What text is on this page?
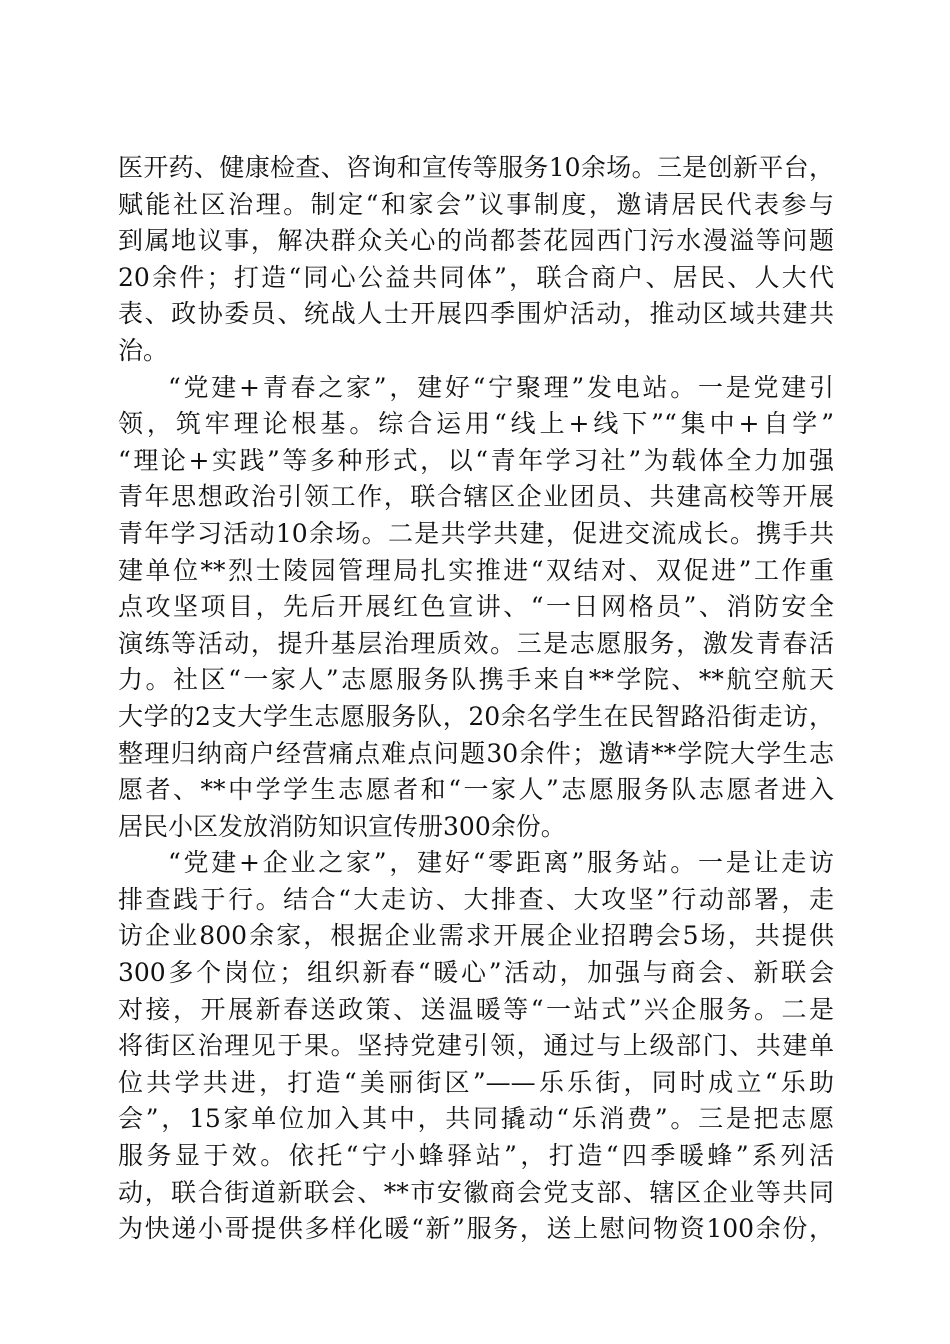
医开药、健康检查、咨询和宣传等服务10余场。三是创新平台，
赋能社区治理。制定“和家会”议事制度，邀请居民代表参与
到属地议事，解决群众关心的尚都荟花园西门污水漫溢等问题
20余件；打造“同心公益共同体”，联合商户、居民、人大代
表、政协委员、统战人士开展四季围炉活动，推动区域共建共
治。
“党建+青春之家”，建好“宁聚理”发电站。一是党建引
领，筑牢理论根基。综合运用“线上+线下”“集中+自学”
“理论+实践”等多种形式，以“青年学习社”为载体全力加强
青年思想政治引领工作，联合辖区企业团员、共建高校等开展
青年学习活动10余场。二是共学共建，促进交流成长。携手共
建单位**烈士陵园管理局扎实推进“双结对、双促进”工作重
点攻坚项目，先后开展红色宣讲、“一日网格员”、消防安全
演练等活动，提升基层治理质效。三是志愿服务，激发青春活
力。社区“一家人”志愿服务队携手来自**学院、**航空航天
大学的2支大学生志愿服务队，20余名学生在民智路沿街走访，
整理归纳商户经营痛点难点问题30余件；邀请**学院大学生志
愿者、**中学学生志愿者和“一家人”志愿服务队志愿者进入
居民小区发放消防知识宣传册300余份。
“党建+企业之家”，建好“零距离”服务站。一是让走访
排查践于行。结合“大走访、大排查、大攻坚”行动部署，走
访企业800余家，根据企业需求开展企业招聘会5场，共提供
300多个岗位；组织新春“暖心”活动，加强与商会、新联会
对接，开展新春送政策、送温暖等“一站式”兴企服务。二是
将街区治理见于果。坚持党建引领，通过与上级部门、共建单
位共学共进，打造“美丽街区”——乐乐街，同时成立“乐助
会”，15家单位加入其中，共同撬动“乐消费”。三是把志愿
服务显于效。依托“宁小蜂驿站”，打造“四季暖蜂”系列活
动，联合街道新联会、**市安徽商会党支部、辖区企业等共同
为快递小哥提供多样化暖“新”服务，送上慰问物资100余份，
